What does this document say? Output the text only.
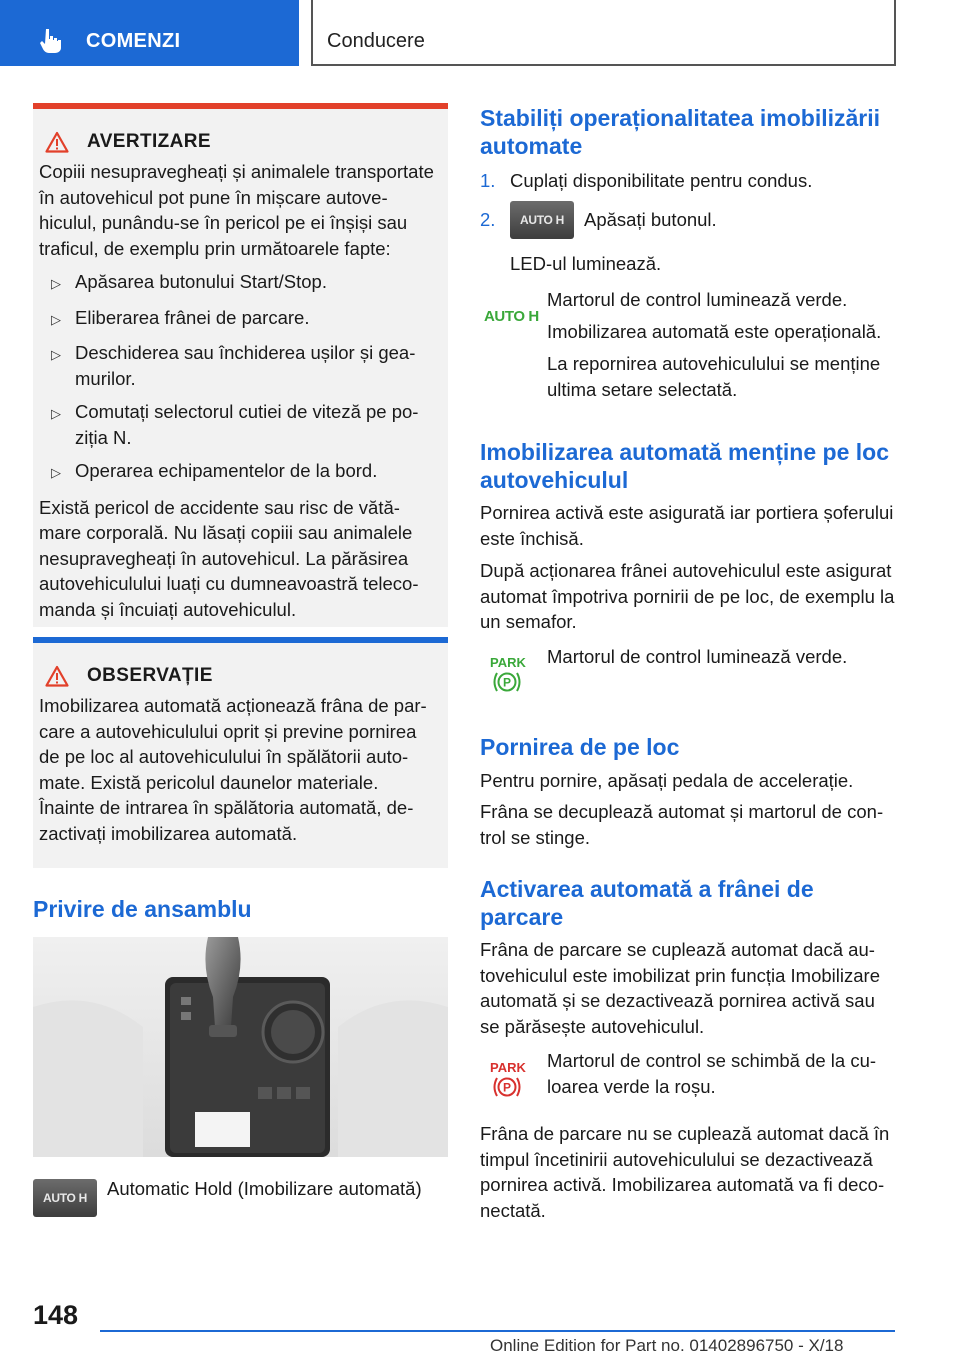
COMENZI	Conducere
AVERTIZARE
Copiii nesupravegheați și animalele transportate în autovehicul pot pune în mișcare autovehiculul, punându-se în pericol pe ei înșiși sau traficul, de exemplu prin următoarele fapte:
▷ Apăsarea butonului Start/Stop.
▷ Eliberarea frânei de parcare.
▷ Deschiderea sau închiderea ușilor și geamurilor.
▷ Comutați selectorul cutiei de viteză pe poziția N.
▷ Operarea echipamentelor de la bord.
Există pericol de accidente sau risc de vătămare corporală. Nu lăsați copiii sau animalele nesupravegheați în autovehicul. La părăsirea autovehiculului luați cu dumneavoastră telecomanda și încuiați autovehiculul.
OBSERVAȚIE
Imobilizarea automată acționează frâna de parcare a autovehiculului oprit și previne pornirea de pe loc al autovehiculului în spălătorii automate. Există pericolul daunelor materiale.
Înainte de intrarea în spălătoria automată, dezactivați imobilizarea automată.
Privire de ansamblu
AUTO H	Automatic Hold (Imobilizare automată)
Stabiliți operaționalitatea imobilizării automate
1. Cuplați disponibilitate pentru condus.
2.	AUTO H	Apăsați butonul.
LED-ul luminează.
AUTO H
Martorul de control luminează verde.
Imobilizarea automată este operațională.
La repornirea autovehiculului se menține ultima setare selectată.
Imobilizarea automată menține pe loc autovehiculul
Pornirea activă este asigurată iar portiera șoferului este închisă.
După acționarea frânei autovehiculul este asigurat automat împotriva pornirii de pe loc, de exemplu la un semafor.
PARK
P
Martorul de control luminează verde.
Pornirea de pe loc
Pentru pornire, apăsați pedala de accelerație.
Frâna se decuplează automat și martorul de control se stinge.
Activarea automată a frânei de parcare
Frâna de parcare se cuplează automat dacă autovehiculul este imobilizat prin funcția Imobilizare automată și se dezactivează pornirea activă sau se părăsește autovehiculul.
PARK
P
Martorul de control se schimbă de la culoarea verde la roșu.
Frâna de parcare nu se cuplează automat dacă în timpul încetinirii autovehiculului se dezactivează pornirea activă. Imobilizarea automată va fi deconectată.
148
Online Edition for Part no. 01402896750 - X/18
